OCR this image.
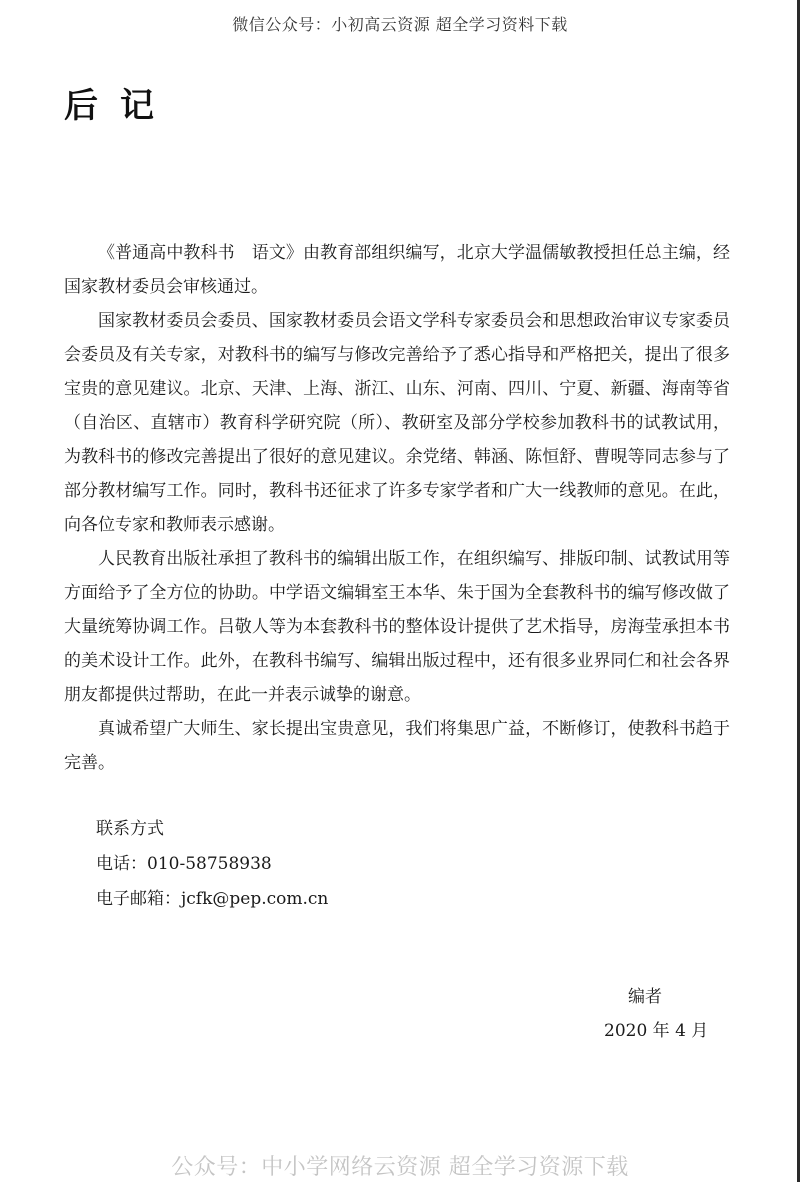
微信公众号：小初高云资源 超全学习资料下载
后记

《普通高中教科书　语文》由教育部组织编写，北京大学温儒敏教授担任总主编，经国家教材委员会审核通过。

国家教材委员会委员、国家教材委员会语文学科专家委员会和思想政治审议专家委员会委员及有关专家，对教科书的编写与修改完善给予了悉心指导和严格把关，提出了很多宝贵的意见建议。北京、天津、上海、浙江、山东、河南、四川、宁夏、新疆、海南等省（自治区、直辖市）教育科学研究院（所）、教研室及部分学校参加教科书的试教试用，为教科书的修改完善提出了很好的意见建议。余党绪、韩涵、陈恒舒、曹晛等同志参与了部分教材编写工作。同时，教科书还征求了许多专家学者和广大一线教师的意见。在此，向各位专家和教师表示感谢。

人民教育出版社承担了教科书的编辑出版工作，在组织编写、排版印制、试教试用等方面给予了全方位的协助。中学语文编辑室王本华、朱于国为全套教科书的编写修改做了大量统筹协调工作。吕敬人等为本套教科书的整体设计提供了艺术指导，房海莹承担本书的美术设计工作。此外，在教科书编写、编辑出版过程中，还有很多业界同仁和社会各界朋友都提供过帮助，在此一并表示诚挚的谢意。

真诚希望广大师生、家长提出宝贵意见，我们将集思广益，不断修订，使教科书趋于完善。

联系方式
电话：010-58758938
电子邮箱：jcfk@pep.com.cn
编者
2020 年 4 月
公众号：中小学网络云资源 超全学习资源下载
